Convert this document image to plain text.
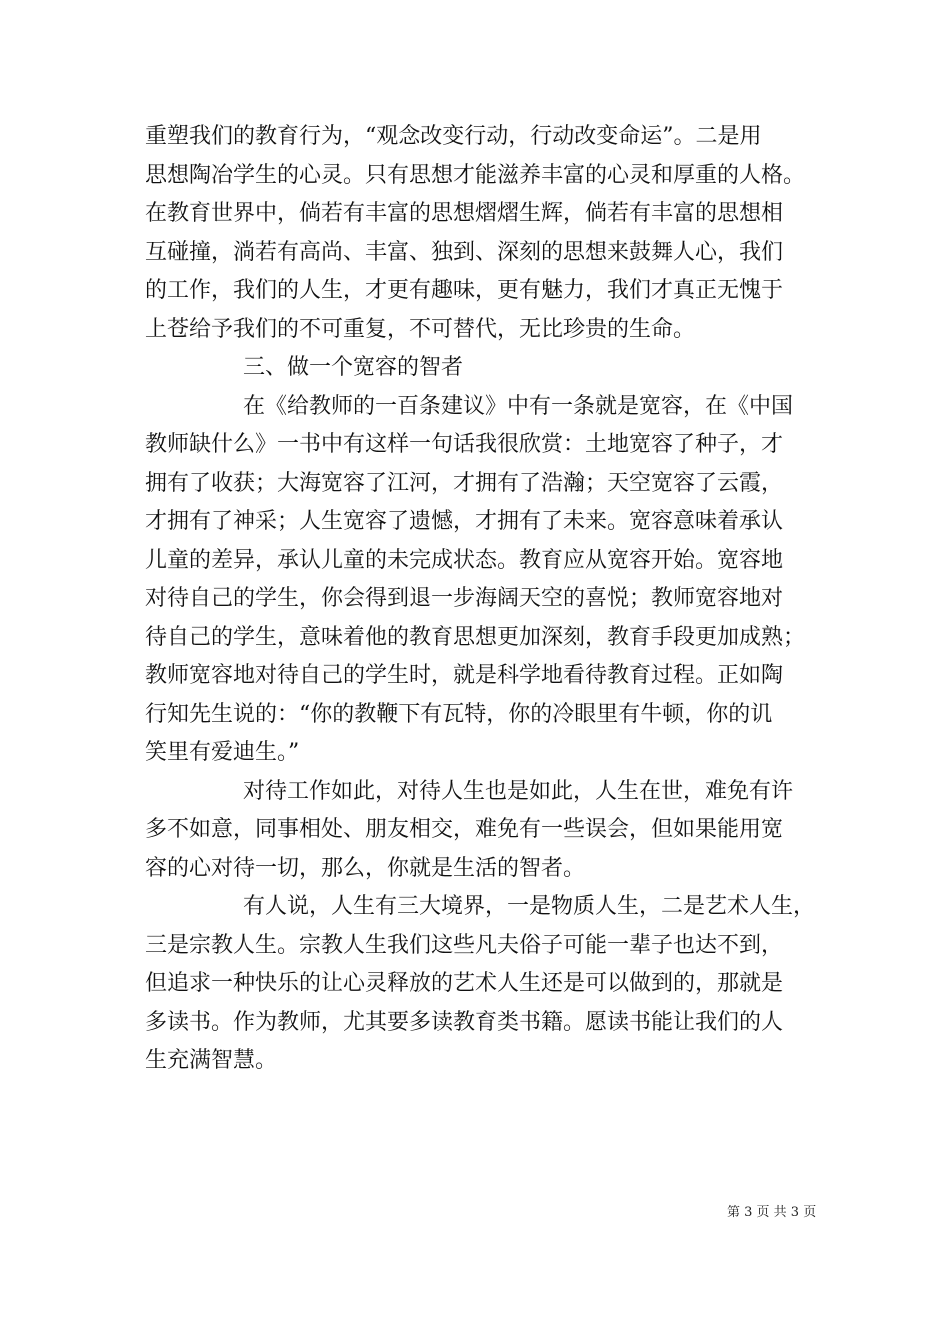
重塑我们的教育行为，“观念改变行动，行动改变命运”。二是用
思想陶冶学生的心灵。只有思想才能滋养丰富的心灵和厚重的人格。
在教育世界中，倘若有丰富的思想熠熠生辉，倘若有丰富的思想相
互碰撞，淌若有高尚、丰富、独到、深刻的思想来鼓舞人心，我们
的工作，我们的人生，才更有趣味，更有魅力，我们才真正无愧于
上苍给予我们的不可重复，不可替代，无比珍贵的生命。
三、做一个宽容的智者
在《给教师的一百条建议》中有一条就是宽容，在《中国
教师缺什么》一书中有这样一句话我很欣赏：土地宽容了种子，才
拥有了收获；大海宽容了江河，才拥有了浩瀚；天空宽容了云霞，
才拥有了神采；人生宽容了遗憾，才拥有了未来。宽容意味着承认
儿童的差异，承认儿童的未完成状态。教育应从宽容开始。宽容地
对待自己的学生，你会得到退一步海阔天空的喜悦；教师宽容地对
待自己的学生，意味着他的教育思想更加深刻，教育手段更加成熟；
教师宽容地对待自己的学生时，就是科学地看待教育过程。正如陶
行知先生说的：“你的教鞭下有瓦特，你的冷眼里有牛顿，你的讥
笑里有爱迪生。”
对待工作如此，对待人生也是如此，人生在世，难免有许
多不如意，同事相处、朋友相交，难免有一些误会，但如果能用宽
容的心对待一切，那么，你就是生活的智者。
有人说，人生有三大境界，一是物质人生，二是艺术人生，
三是宗教人生。宗教人生我们这些凡夫俗子可能一辈子也达不到，
但追求一种快乐的让心灵释放的艺术人生还是可以做到的，那就是
多读书。作为教师，尤其要多读教育类书籍。愿读书能让我们的人
生充满智慧。
第 3 页 共 3 页
